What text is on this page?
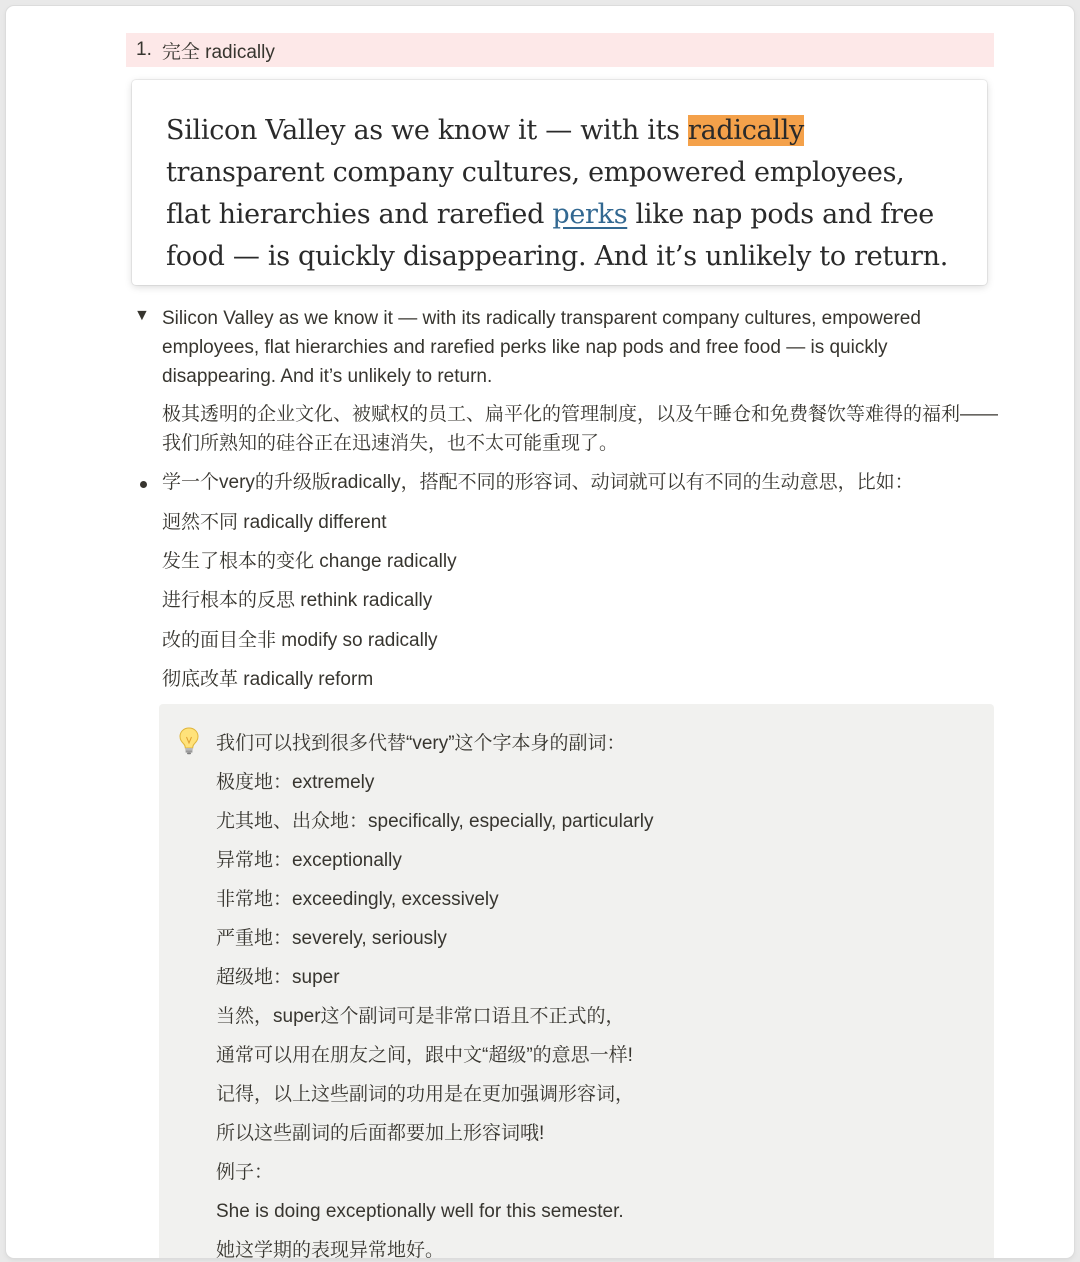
1. 完全 radically

Silicon Valley as we know it — with its radically transparent company cultures, empowered employees, flat hierarchies and rarefied perks like nap pods and free food — is quickly disappearing. And it’s unlikely to return.

▼ Silicon Valley as we know it — with its radically transparent company cultures, empowered employees, flat hierarchies and rarefied perks like nap pods and free food — is quickly disappearing. And it’s unlikely to return.
极其透明的企业文化、被赋权的员工、扁平化的管理制度，以及午睡仓和免费餐饮等难得的福利——我们所熟知的硅谷正在迅速消失，也不太可能重现了。
学一个very的升级版radically，搭配不同的形容词、动词就可以有不同的生动意思，比如：
迥然不同 radically different
发生了根本的变化 change radically
进行根本的反思 rethink radically
改的面目全非 modify so radically
彻底改革 radically reform
我们可以找到很多代替“very”这个字本身的副词：
极度地：extremely
尤其地、出众地：specifically, especially, particularly
异常地：exceptionally
非常地：exceedingly, excessively
严重地：severely, seriously
超级地：super
当然，super这个副词可是非常口语且不正式的，
通常可以用在朋友之间，跟中文“超级”的意思一样!
记得，以上这些副词的功用是在更加强调形容词，
所以这些副词的后面都要加上形容词哦!
例子：
She is doing exceptionally well for this semester.
她这学期的表现异常地好。
